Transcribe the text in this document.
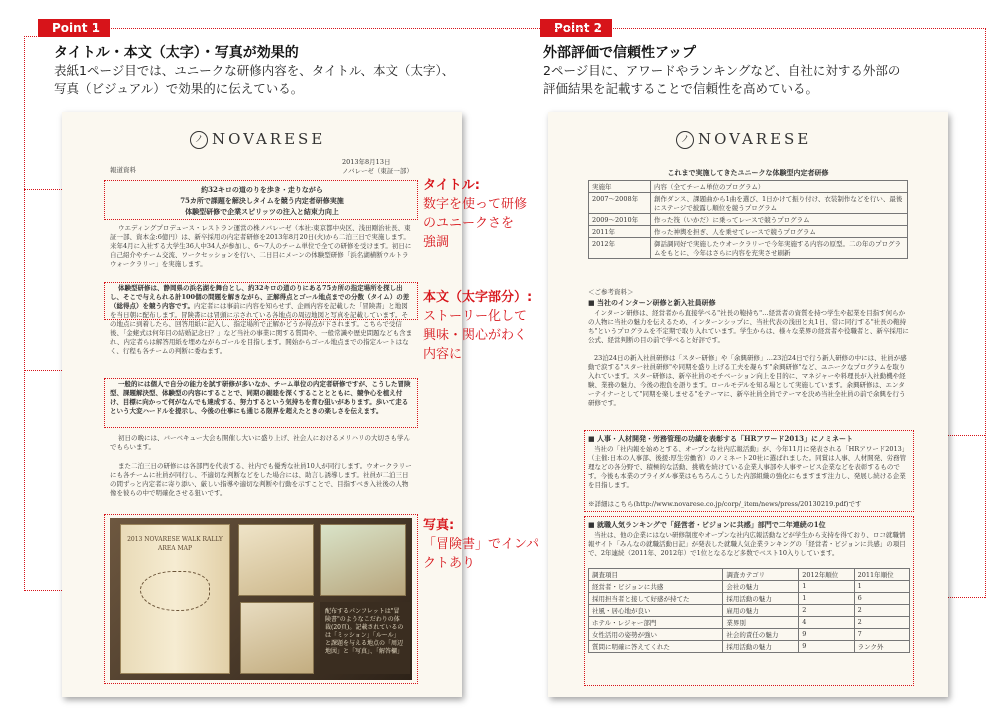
Point 1
タイトル・本文（太字）・写真が効果的
表紙1ページ目では、ユニークな研修内容を、タイトル、本文（太字）、
写真（ビジュアル）で効果的に伝えている。
Point 2
外部評価で信頼性アップ
2ページ目に、アワードやランキングなど、自社に対する外部の
評価結果を記載することで信頼性を高めている。
ノ NOVARESE
報道資料
2013年8月13日
ノバレーゼ（東証一部）
約32キロの道のりを歩き・走りながら
75カ所で課題を解決しタイムを競う内定者研修実施
体験型研修で企業スピリッツの注入と結束力向上
ウエディングプロデュース・レストラン運営の株ノバレーゼ（本社:東京都中央区、浅田剛治社長、東証一部、資本金:6億円）は、新卒採用の内定者研修を2013年8月20日(火)から二泊三日で実施します。来年4月に入社する大学生36人中34人が参加し、6〜7人のチーム単位で全ての研修を受けます。初日に自己紹介やチーム交流、ワークセッションを行い、二日目にメーンの体験型研修「浜名湖横断ウルトラウォークラリー」を実施します。
体験型研修は、静岡県の浜名湖を舞台とし、約32キロの道のりにある75カ所の指定場所を探し出し、そこで与えられる計100個の問題を解きながら、正解得点とゴール地点までの分数（タイム）の差（総得点）を競う内容です。内定者には事前に内容を知らせず、企画内容を記載した「冒険書」と地図を当日朝に配布します。冒険書には冒頭に示されている各地点の周辺地図と写真を記載しています。その地点に到着したら、回答用紙に記入し、指定場所で正解かどうか得点が下されます。こちらで受信後、「金蛯式は何年目の結婚記念日？」など当社の事業に関する質問や、一般常識や歴史問題なども含まれ、内定者らは解答用紙を埋めながらゴールを目指します。開始からゴール地点までの指定ルートはなく、行程も各チームの判断に委ねます。
一般的には個人で自分の能力を試す研修が多いなか、チーム単位の内定者研修ですが、こうした冒険型、課題解決型、体験型の内容にすることで、同期の親睦を深くすることとともに、競争心を植え付け、目標に向かって何がなんでも達成する、努力するという気持ちを育む狙いがあります。歩いて走るという大変ハードルを提示し、今後の仕事にも通じる限界を超えたときの楽しさを伝えます。
初日の晩には、バーベキュー大会も開催し大いに盛り上げ、社会人におけるメリハリの大切さも学んでもらいます。
また二泊三日の研修には各部門を代表する、社内でも優秀な社員10人が同行します。ウオークラリーにも各チームに社員が同行し、不適切な判断などをした場合には、助言し誘導します。社員が二泊三日の間ずっと内定者に寄り添い、厳しい指導や適切な判断や行動を示すことで、目指すべき入社後の人物像を彼らの中で明確化させる狙いです。
2013 NOVARESE WALK RALLY AREA MAP
配布するパンフレットは"冒険書"のようなこだわりの体裁(20頁)。記載されているのは「ミッション」「ルール」と課題を与える地点の「周辺地図」と「写真」、「解答欄」
タイトル:
数字を使って研修
のユニークさを
強調
本文（太字部分）:
ストーリー化して
興味・関心がわく
内容に
写真:
「冒険書」でインパ
クトあり
ノ NOVARESE
これまで実施してきたユニークな体験型内定者研修
実施年	内容（全てチーム単位のプログラム）
2007〜2008年	創作ダンス、課題曲から1曲を選び、1日かけて振り付け、衣装制作などを行い、最後にステージで披露し順位を競うプログラム
2009〜2010年	作った筏（いかだ）に乗ってレースで競うプログラム
2011年	作った神輿を担ぎ、人を乗せてレースで競うプログラム
2012年	御話調同好で実施したウオークラリーで今年実施する内容の原型。二の年のプログラムをもとに、今年はさらに内容を充実させ刷新
＜ご参考資料＞
■ 当社のインターン研修と新入社員研修
インターン研修は、経営者から直接学べる"社長の鞄持ち"…経営者の資質を持つ学生や起業を目指す何らかの人物に当社の魅力を伝えるため、インターンシップに、当社代表の浅田と丸1日、常に同行する"社長の鞄持ち"というプログラムを不定期で取り入れています。学生からは、様々な業界の経営者や役職者と、新卒採用に公式、経営判断の目の前で学べると好評です。
23泊24日の新入社員研修は「スター研修」や「余興研修」…23泊24日で行う新人研修の中には、社員が感動で涙する"スター社員研修"や同期を盛り上げる工夫を凝らす"余興研修"など、ユニークなプログラムを取り入れています。スター研修は、新卒社員のモチベーション向上を目的に、マネジャーや料理長が入社動機や経験、業務の魅力、今後の抱負を語ります。ロールモデルを知る場として実施しています。余興研修は、エンターテイナーとして"同期を楽しませる"をテーマに、新卒社員全員でテーマを決め当社全社員の前で余興を行う研修です。
■ 人事・人材開発・労務管理の功績を表彰する「HRアワード2013」にノミネート
当社の「社内報を始めとする、オープンな社内広報活動」が、今年11月に発表される「HRアワード2013」（主催:日本の人事部、後援:厚生労働省）のノミネート20社に選ばれました。同賞は人事、人材開発、労務管理などの各分野で、積極的な活動、挑戦を続けている企業人事部や人事サービス企業などを表彰するものです。今後も本業のブライダル事業はもちろんこうした内部組織の強化にもますます注力し、発展し続ける企業を目指します。
※詳細はこちら(http://www.novarese.co.jp/corp/_item/news/press/20130219.pdf)です
■ 就職人気ランキングで「経営者・ビジョンに共感」部門で二年連続の1位
当社は、他の企業にはない研修制度やオープンな社内広報活動などが学生から支持を得ており、ロコ就職情報サイト「みんなの就職活動日記」が発表した就職人気企業ランキングの「経営者・ビジョンに共感」の項目で、2年連続（2011年、2012年）で1位となるなど多数でベスト10入りしています。
調査項目	調査カテゴリ	2012年順位	2011年順位
経営者・ビジョンに共感	会社の魅力	1	1
採用担当者と接して好感が持てた	採用活動の魅力	1	6
社風・居心地が良い	雇用の魅力	2	2
ホテル・レジャー部門	業界別	4	2
女性活用の姿勢が強い	社会的責任の魅力	9	7
質問に明確に答えてくれた	採用活動の魅力	9	ランク外
